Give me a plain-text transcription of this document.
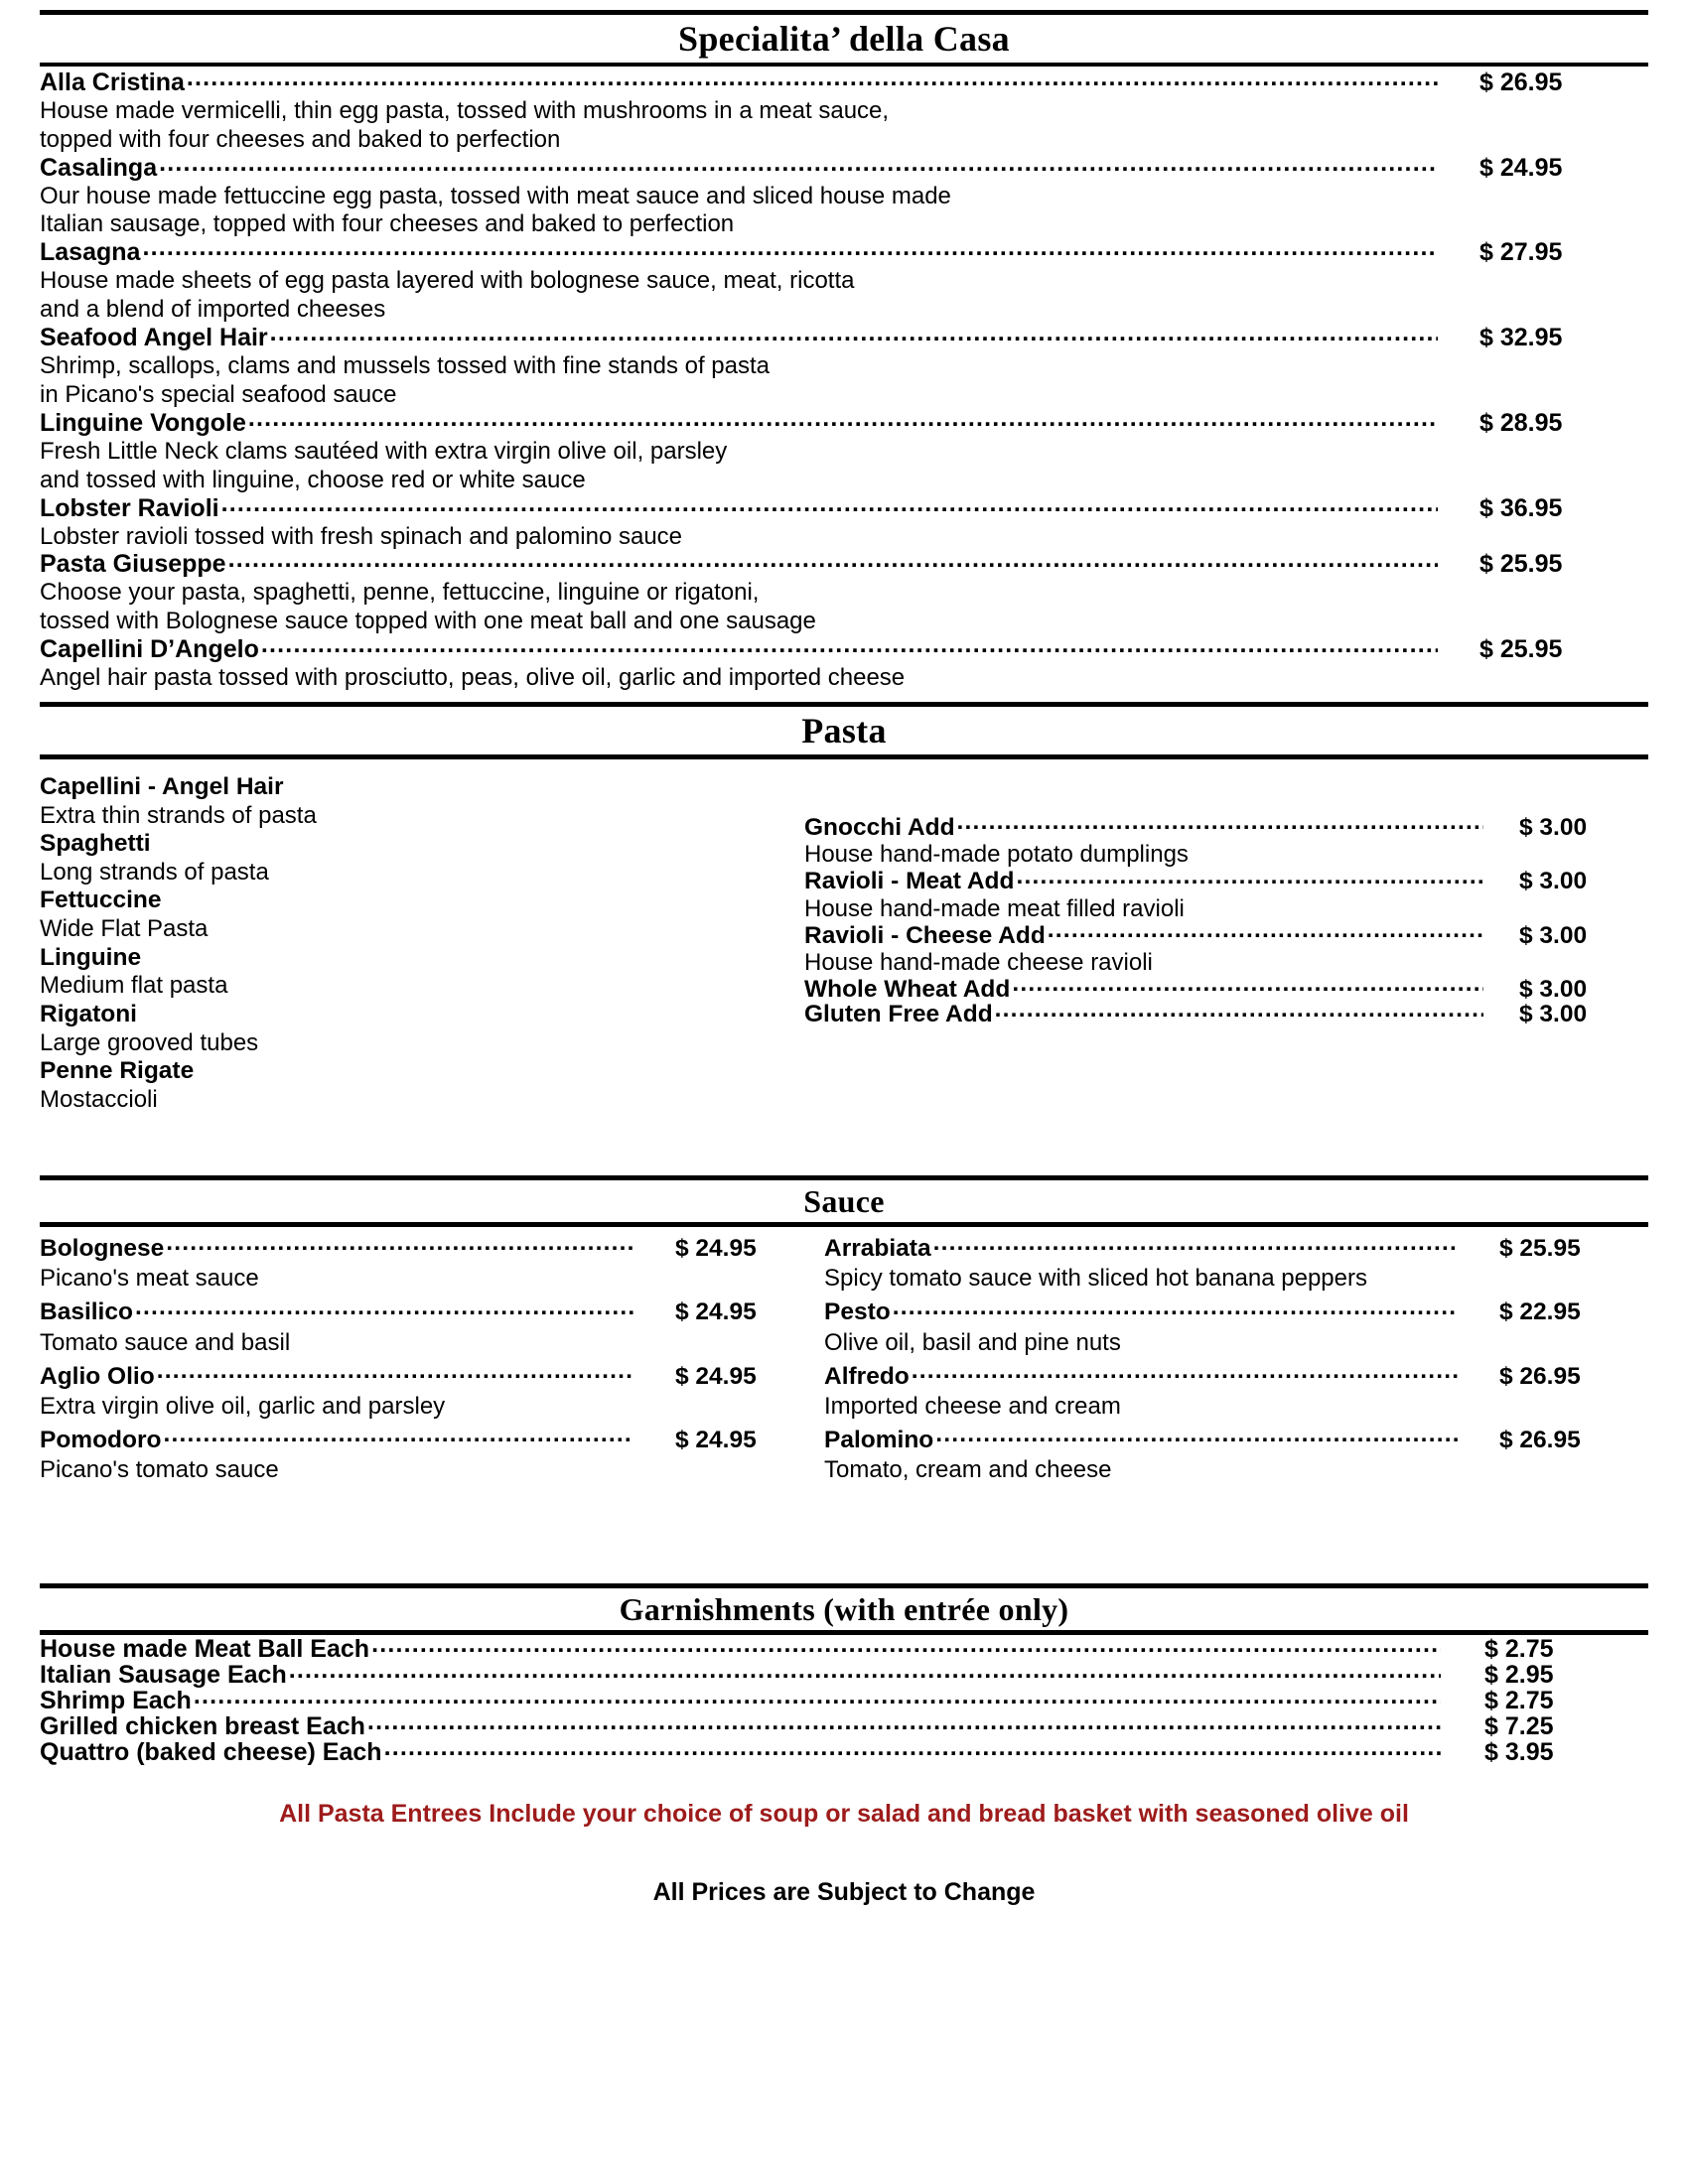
Specialita’ della Casa
Alla Cristina .....	$ 26.95
House made vermicelli, thin egg pasta, tossed with mushrooms in a meat sauce,
topped with four cheeses and baked to perfection
Casalinga .....	$ 24.95
Our house made fettuccine egg pasta, tossed with meat sauce and sliced house made
Italian sausage, topped with four cheeses and baked to perfection
Lasagna .....	$ 27.95
House made sheets of egg pasta layered with bolognese sauce, meat, ricotta
and a blend of imported cheeses
Seafood Angel Hair .....	$ 32.95
Shrimp, scallops, clams and mussels tossed with fine stands of pasta
in Picano's special seafood sauce
Linguine Vongole .....	$ 28.95
Fresh Little Neck clams sautéed with extra virgin olive oil, parsley
and tossed with linguine, choose red or white sauce
Lobster Ravioli .....	$ 36.95
Lobster ravioli tossed with fresh spinach and palomino sauce
Pasta Giuseppe .....	$ 25.95
Choose your pasta, spaghetti, penne, fettuccine, linguine or rigatoni,
tossed with Bolognese sauce topped with one meat ball and one sausage
Capellini D’Angelo .....	$ 25.95
Angel hair pasta tossed with prosciutto, peas, olive oil, garlic and imported cheese
Pasta
Capellini - Angel Hair
Extra thin strands of pasta
Spaghetti
Long strands of pasta
Fettuccine
Wide Flat Pasta
Linguine
Medium flat pasta
Rigatoni
Large grooved tubes
Penne Rigate
Mostaccioli
Gnocchi Add .....	$ 3.00
House hand-made potato dumplings
Ravioli - Meat Add .....	$ 3.00
House hand-made meat filled ravioli
Ravioli - Cheese Add .....	$ 3.00
House hand-made cheese ravioli
Whole Wheat Add .....	$ 3.00
Gluten Free Add .....	$ 3.00
Sauce
Bolognese .....	$ 24.95
Picano's meat sauce
Basilico .....	$ 24.95
Tomato sauce and basil
Aglio Olio .....	$ 24.95
Extra virgin olive oil, garlic and parsley
Pomodoro .....	$ 24.95
Picano's tomato sauce
Arrabiata .....	$ 25.95
Spicy tomato sauce with sliced hot banana peppers
Pesto .....	$ 22.95
Olive oil, basil and pine nuts
Alfredo .....	$ 26.95
Imported cheese and cream
Palomino .....	$ 26.95
Tomato, cream and cheese
Garnishments (with entrée only)
House made Meat Ball Each .....	$ 2.75
Italian Sausage Each .....	$ 2.95
Shrimp Each .....	$ 2.75
Grilled chicken breast Each .....	$ 7.25
Quattro (baked cheese) Each .....	$ 3.95
All Pasta Entrees Include your choice of soup or salad and bread basket with seasoned olive oil
All Prices are Subject to Change
